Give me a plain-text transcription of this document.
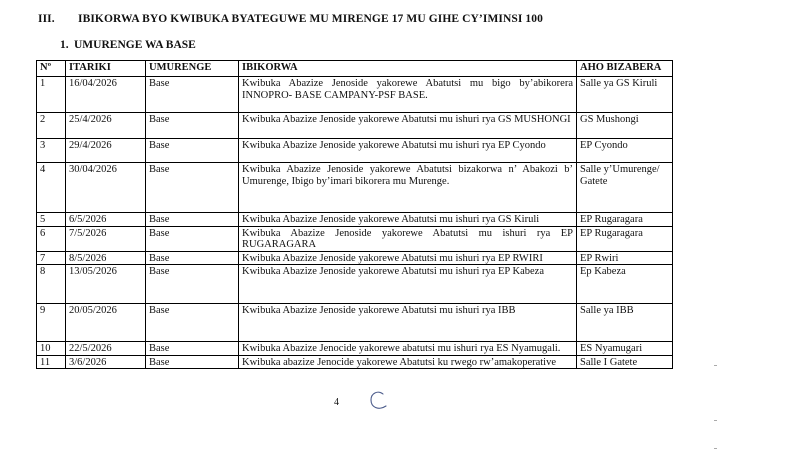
III. IBIKORWA BYO KWIBUKA BYATEGUWE MU MIRENGE 17 MU GIHE CY’IMINSI 100
1. UMURENGE WA BASE
Nº	ITARIKI	UMURENGE	IBIKORWA	AHO BIZABERA
1	16/04/2026	Base	Kwibuka Abazize Jenoside yakorewe Abatutsi mu bigo by’abikorera INNOPRO- BASE CAMPANY-PSF BASE.	Salle ya GS Kiruli
2	25/4/2026	Base	Kwibuka Abazize Jenoside yakorewe Abatutsi mu ishuri rya GS MUSHONGI	GS Mushongi
3	29/4/2026	Base	Kwibuka Abazize Jenoside yakorewe Abatutsi mu ishuri rya EP Cyondo	EP Cyondo
4	30/04/2026	Base	Kwibuka Abazize Jenoside yakorewe Abatutsi bizakorwa n’ Abakozi b’ Umurenge, Ibigo by’imari bikorera mu Murenge.	Salle y’Umurenge/ Gatete
5	6/5/2026	Base	Kwibuka Abazize Jenoside yakorewe Abatutsi mu ishuri rya GS Kiruli	EP Rugaragara
6	7/5/2026	Base	Kwibuka Abazize Jenoside yakorewe Abatutsi mu ishuri rya EP RUGARAGARA	EP Rugaragara
7	8/5/2026	Base	Kwibuka Abazize Jenoside yakorewe Abatutsi mu ishuri rya EP RWIRI	EP Rwiri
8	13/05/2026	Base	Kwibuka Abazize Jenoside yakorewe Abatutsi mu ishuri rya EP Kabeza	Ep Kabeza
9	20/05/2026	Base	Kwibuka Abazize Jenoside yakorewe Abatutsi mu ishuri rya IBB	Salle ya IBB
10	22/5/2026	Base	Kwibuka Abazize Jenocide yakorewe abatutsi mu ishuri rya ES Nyamugali.	ES Nyamugari
11	3/6/2026	Base	Kwibuka abazize Jenocide yakorewe Abatutsi ku rwego rw’amakoperative	Salle I Gatete
4
